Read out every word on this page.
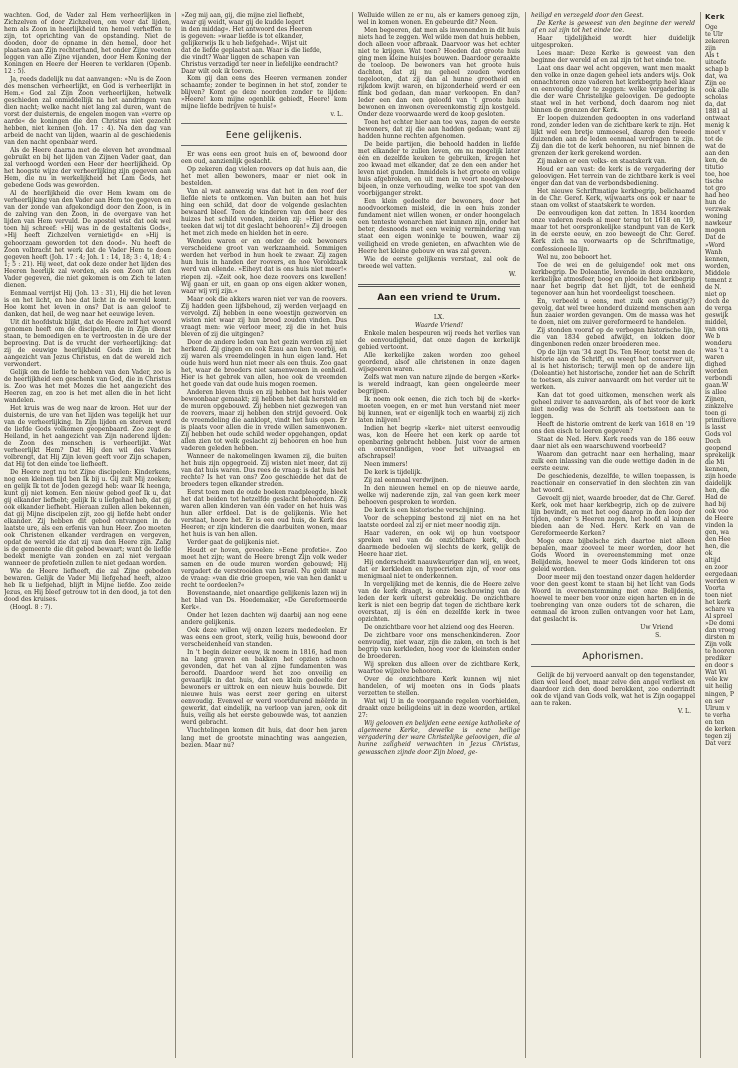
wachten. God, de Vader zal Hem verheerlijken in Zichzelven of door Zichzelven, om voor dat lijden, hem als Zoon in heerlijkheid ten hemel verheffen te zijn, tot oprichting van de opstanding. Niet de dooden, door de opname in den hemel, door het plaatsen aan Zijn rechterhand, het onder Zijne voeten leggen van alle Zijne vijanden, door Hem Koning der Koningen en Heere der Heeren te verklaren (Openb. 12 : 5).

Ja, reeds dadelijk nu dat aanvangen: »Nu is de Zoon des menschen verheerlijkt, en God is verheerlijkt in Hem.« God zal Zijn Zoon verheerlijken, hetwelk geschieden zal onmiddellijk na het aandringen van dien nacht; welke nacht niet lang zal duren, want de vorst der duisternis, de engelen mogen van »verre op aarde« de koningen die den Christus niet gezocht hebben, niet kennen (Joh. 17 : 4). Na den dag van arbeid de nacht van lijden, waarin al de geschiedenis van den nacht openbaar werd.

Als de Heere daarna met de eleven het avondmaal gebruikt en bij het lijden van Zijnen Vader gaat, dan zal verhoogd worden een Heer der heerlijkheid. Op het hoogste wijze der verheerlijking zijn gegeven aan Hem, die nu in werkelijkheid het Lam Gods, het gebedene Gods was geworden.

Al de heerlijkheid die over Hem kwam om de verheerlijking van den Vader aan Hem toe gegeven en van der zonde van afgekondigd door den Zoon, is in de zalving van den Zoon, in de overgave van het lijden van Hem vervuld. De apostel wist dat ook wel toen hij schreef: »Hij was in de gestaltenis Gods«, »Hij heeft Zichzelven vernietigd« en »Hij is gehoorzaam geworden tot den dood«. Nu heeft de Zoon volbracht het werk dat de Vader Hem te doen gegeven heeft (Joh. 17 : 4; Joh. 1 : 14, 18; 3 : 4, 18; 4 : 1; 5 : 21). Hij weet, dat ook deze onder het lijden des Heeren heerlijk zal worden, als een Zoon uit den Vader gegeven, die niet gekomen is om Zich te laten dienen.

Eenmaal verrijst Hij (Joh. 13 : 31), Hij die het leven is en het licht, en hoe dat licht in de wereld komt. Hoe komt het leven in ons? Dat is aan geloof te danken, dat heil, de weg naar het eeuwige leven.

Uit dit hoofdstuk blijkt, dat de Heere zelf het woord genomen heeft om de discipelen, die in Zijn dienst staan, te bemoedigen en te vertroosten in de ure der beproeving. Dat is de vrucht der verheerlijking: dat zij de eeuwige heerlijkheid Gods zien in het aangezicht van Jezus Christus, en dat de wereld zich verwondert.

Gelijk om de liefde te hebben van den Vader, zoo is de heerlijkheid een geschenk van God, die in Christus is. Zoo was het met Mozes die het aangezicht des Heeren zag, en zoo is het met allen die in het licht wandelen.

Het kruis was de weg naar de kroon. Het uur der duisternis, de ure van het lijden was tegelijk het uur van de verheerlijking. In Zijn lijden en sterven werd de liefde Gods volkomen geopenbaard. Zoo zegt de Heiland, in het aangezicht van Zijn naderend lijden: de Zoon des menschen is verheerlijkt. Wat verheerlijkt Hem? Dat Hij den wil des Vaders volbrengt, dat Hij Zijn leven geeft voor Zijn schapen, dat Hij tot den einde toe liefheeft.

De Heere zegt nu tot Zijne discipelen: Kinderkens, nog een kleinen tijd ben Ik bij u. Gij zult Mij zoeken; en gelijk Ik tot de Joden gezegd heb: waar Ik heenga, kunt gij niet komen. Een nieuw gebod geef Ik u, dat gij elkander liefhebt; gelijk Ik u liefgehad heb, dat gij ook elkander liefhebt. Hieraan zullen allen bekennen, dat gij Mijne discipelen zijt, zoo gij liefde hebt onder elkander. Zij hebben dit gebod ontvangen in de laatste ure, als een erfenis van hun Heer. Zoo moeten ook Christenen elkander verdragen en vergeven, opdat de wereld zie dat zij van den Heere zijn. Zalig is de gemeente die dit gebod bewaart; want de liefde bedekt menigte van zonden en zal niet vergaan wanneer de profetieën zullen te niet gedaan worden.

Wie de Heere liefheeft, die zal Zijne geboden bewaren. Gelijk de Vader Mij liefgehad heeft, alzoo heb Ik u liefgehad, blijft in Mijne liefde. Zoo zeide Jezus, en Hij bleef getrouw tot in den dood, ja tot den dood des kruises.

(Hoogl. 8 : 7).

»Zeg mij aan, gij, die mijne ziel liefhebt,
waar gij weidt, waar gij de kudde legert
in den middag«. Het antwoord des Heeren
is gegeven: »waar liefde is tot elkander,
gelijkerwijs Ik u heb liefgehad«. Wijst uit
dat de liefde geplaatst aan. Waar is die liefde,
die vindt? Waar liggen de schapen van
Christus verzadigd ter neer in liefelijke eendracht?
Daar wilt ook ik toeven.

Kom gij dan eens des Heeren vermanen zonder schaamte; zonder te beginnen in het stof, zonder te blijven? Komt ge deze noorden zonder te lijden: »Heere! kom mijne ogenblik gebiedt, Heere! kom mijne liefde bedrijven te huis!«

v. L.

Eene gelijkenis.

Er was eens een groot huis en of, bewoond door een oud, aanzienlijk geslacht.

Op zekeren dag vielen roovers op dat huis aan, die het met allen bewoners, maar er niet ook in bestelden.

Van al wat aanwezig was dat het in den roof der liefde niets te ontkomen. Van buiten aan het huis hing een schild, dat door de volgende geslachten bewaard bleef. Toen de kinderen van den heer des huizes het schild vonden, zeiden zij: »Hier is een teeken dat wij tot dit geslacht behooren!« Zij droegen het met zich mede en hielden het in eere.

Wendeu waren er en onder de ook bewoners verscheidene groot van werkzaamheid. Sommigen werden het verbod in hun hoek te zwaar. Zij zagen hun huis in handen der roovers, en hoe Voroldzaak werd van ellende. »Eiheyt dat is ons huis niet meer!« riepen zij. »Zeit ook, hoe deze roovers ons kwellen! Wij gaan er uit, en gaan op ons eigen akker wonen, waar wij vrij zijn.«

Maar ook die akkers waren niet ver van de roovers. Zij hadden geen lijfsbehoud, zij werden verjaagd en vervolgd. Zij hebben in eene woestijn gezworven en wisten niet waar zij hun brood zouden vinden. Dus vraagt men: wie verloor meer, zij die in het huis bleven of zij die uitgingen?

Door de andere leden van het gezin werden zij niet herkend. Zij gingen en ook Ezau aan hen voorbij, en zij waren als vreemdelingen in hun eigen land. Het oude huis werd hun niet meer als een thuis. Zoo gaat het, waar de broeders niet samenwonen in eenheid. Hier is het gebrek van allen, hoe ook de vreemden het goede van dat oude huis mogen roemen.

Anderen bleven thuis en zij hebben het huis weder bewoonbaar gemaakt; zij hebben het dak hersteld en de muren opgebouwd. Zij hebben niet gezwegen van de roovers, maar zij hebben den strijd gevoerd. Ook de vreemdeling die aanklopt, vindt het huis open. Er is plaats voor allen die in vrede willen samenwonen. Zij hebben het oude schild weder opgehangen, opdat allen zien tot welk geslacht zij behooren en hoe hun vaderen geleden hebben.

Wanneer de nakomelingen kwamen zij, die buiten het huis zijn opgegroeid. Zij wisten niet meer, dat zij van dat huis waren. Dus rees de vraag: is dat huis het rechte? Is het van ons? Zoo geschiedde het dat de broeders tegen elkander streden.

Eerst toen men de oude boeken raadpleegde, bleek het dat beiden tot hetzelfde geslacht behoorden. Zij waren allen kinderen van één vader en het huis was hun aller erfdeel. Dat is de gelijkenis. Wie het verstaat, hoore het. Er is een oud huis, de Kerk des Heeren; er zijn kinderen die daarbuiten wonen, maar het huis is van hen allen.

Verder gaat de gelijkenis niet.

Houdt er hoven, gevoelen: »Eene profetie«. Zoo moet het zijn; want de Heere brengt Zijn volk weder samen en de oude muren worden gebouwd; Hij vergadert de verstrooiden van Israël. Nu geldt maar de vraag: »van die drie groepen, wie van hen dankt u recht te oordeelen?«

Bovenstaande, niet onaardige gelijkenis lazen wij in het blad van Ds. Hoedemaker, »De Gereformeerde Kerk«.

Onder het lezen dachten wij daarbij aan nog eene andere gelijkenis.

Ook deze willen wij onzen lezers mededeelen. Er was eens een groot, sterk, veilig huis, bewoond door verscheidenheid van standen.

In 't begin deizer eeuw, ik noem in 1816, had men na lang graven en bakken het opzien schoon gevonden, dat het van al zijne fundamenten was beroofd. Daardoor werd het zoo onveilig en gevaarlijk in dat huis, dat een klein gedeelte der bewoners er uittrok en een nieuw huis bouwde. Dit nieuwe huis was eerst zeer gering en uiterst eenvoudig. Evenwel er werd voortdurend mêêrde in gewerkt, dat eindelijk, na verloop van jaren, ook dit huis, veilig als het eerste gebouwde was, tot aanzien werd gebracht.

Vluchtelingen komen dit huis, dat door hen jaren lang met de grootste minachting was aangezien, bezien. Maar nu?

Welluide willen ze er nu, als er kamers genoeg zijn, wel in komen wonen. En gebeurde dit? Neen.

Men begeeren, dat men als inwonenden in dit huis niets had te zeggen. Wel wilde men dat huis hebben, doch alleen voor afbraak. Daarvoor was het echter niet te krijgen. Wat toen? Hoeden dat groote huis ging men kleine huisjes bouwen. Daardoor geraakte de toeloop. De bewoners van het groote huis dachten, dat zij nu geheel zouden worden tegelooten, dat zij dan al hunne grootheid en rijkdom kwijt waren, en bijzonderheid werd er een flink bod gedaan, dan maar verkoopen. En dan? Ieder een dan een geloofd van 't groote huis bewonen en inwonen overeenkomstig zijn kostgeld. Onder deze voorwaarde werd de koop gesloten.

Toen het echter hier aan toe was, zagen de eerste bewoners, dat zij die aan hadden gedaan; want zij hadden hunne rechten afgenomen.

De beide partijen, die behoold hadden in liefde met elkander te zullen leven, om nu mogelijk later één en dezelfde keuken te gebruiken, kregen het zoo kwaad met elkander, dat ze den een ander het leven niet gunden. Inmiddels is het groote en volige huis afgebroken, en uit men in voort noodgebouw bijeen, in onze verhouding, welke toe spot van den voorbijganger strekt.

Een klein gedeelte der bewoners, door het noodvoorkomen misleid, die in een huis zonder fundament niet willen wonen, er onder hoongelach een tenteste wonarchen niet kunnen zijn, onder het beter, desnoods met een weinig vermindering van staat een eigen woninkje te bouwen, waar zij veiligheid en vrede genieten, en afwachten wie de Heere het kleine gebouw en was zal geven.

Wie de eerste gelijkenis verstaat, zal ook de tweede wel vatten.

W.

Aan een vriend te Urum.

LX.

Waarde Vriend!

Enkele malen bespeuren wij reeds het verlies van de eenvoudigheid, dat onze dagen de kerkelijk gebied vertoont.

Alle kerkelijke zaken worden zoo geheel geordend, alsof alle christenen in onze dagen wijsgeeren waren.

Zelfs wat men van nature zijnde de bergen »Kerk« is wereld indraagt, kan geen ongeleerde meer begrijpen.

Ik noem ook eenen, die zich toch bij de »kerk« moeten voegen, en er met hun verstand niet meer bij kunnen, wat er eigenlijk toch en waarbij zij zich laten inlijven!

Indien het begrip »kerk« niet uiterst eenvoudig was, kon de Heere het een kerk op aarde tot openbaring gebracht hebben. Juist voor de armen en onverstandigen, voor het uitvaagsel en afschrapsel!

Neen immers!

De kerk is tijdelijk.

Zij zal eenmaal verdwijnen.

In den nieuwen hemel en op de nieuwe aarde, welke wij naderende zijn, zal van geen kerk meer behoeven gesproken te worden.

De kerk is een historische verschijning.

Voor de schepping bestond zij niet en na het laatste oordeel zal zij er niet meer noodig zijn.

Haar vaderen, en ook wij op hun voetspoor spreken wel van de onzichtbare kerk, doch daarmede bedoelen wij slechts de kerk, gelijk de Heere haar ziet.

Hij onderscheidt naauwkeuriger dan wij, en weet, dat er kerkleden en hypocrieten zijn, of voor ons menigmaal niet te onderkennen.

In vergelijking met de kennis, die de Heere zelve van de kerk draagt, is onze beschouwing van de leden der kerk uiterst gebrekkig. De onzichtbare kerk is niet een begrip dat tegen de zichtbare kerk overstaat, zij is één en dezelfde kerk in twee opzichten.

De onzichtbare voor het alziend oog des Heeren.

De zichtbare voor ons menschenkinderen. Zoor eenvoudig, niet waar, zijn die zaken, en toch is het begrip van kerkleden, hoog voor de kleinsten onder de broederen.

Wij spreken dus alleen over de zichtbare Kerk, waartoe wijzelve behooren.

Over de onzichtbare Kerk kunnen wij niet handelen, of wij moeten ons in Gods plaats verzetten te stellen.

Wat wij U in de voorgaande regelen voorhielden, draakt onze beiligdeins uit in deze woorden, artikel 27:

Wij gelooven en belijden eene eenige katholieke of algemeene Kerke, dewelke is eene heilige vergadering der ware Christelijke geloovigen, die al hunne zaligheid verwachten in Jezus Christus, gewasschen zijnde door Zijn bloed, ge-

heiligd en verzegeld door den Geest.

De Kerke is geweest van den beginne der wereld af en zal zijn tot het einde toe.

Haar tijdelijkheid wordt hier duidelijk uitgesproken.

Lees maar: Deze Kerke is geweest van den beginne der wereld af en zal zijn tot het einde toe.

Laat ons daar wel acht opgeven, want men maakt den volke in onze dagen geheel iets anders wijs. Ook onnachteren onze vaderen het kerkbegrip heel klaar en eenvoudig door te zeggen: welke vergadering is die der ware Christelijke geloovigen. De gedoopte staat wel in het verbond, doch daarom nog niet binnen de grenzen der Kerk.

Er loopen duizenden gedoopten in ons vaderland rond, zonder leden van de zichtbare kerk te zijn. Het lijkt wel een bretje ummoesel, daarop den tweede duizenden aan de leden eenmaal verdragen te zijn. Zij dan die tot de kerk behooren, nu niet binnen de grenzen der kerk gerekend worden.

Zij maken er een volks- en staatskerk van.

Houd er aan vast: de kerk is de vergadering der geloovigen. Het terrein van de zichtbare kerk is veel enger dan dat van de verbondsbediening.

Het nieuwe Schriftmatige kerkbegrip, belichaamd in de Chr. Geref. Kerk, wijwaarts ons ook er naar te staan om volkst of staatskerk te worden.

De eenvoudigen kon dat zetten. In 1834 koorden onze vaderen reeds al meer terug tot 1618 en '19, maar tot het oorspronkelijke standpunt van de Kerk in de eerste eeuw, en zoo beweegt de Chr. Geref. Kerk zich na voorwaarts op de Schriftmatige, confessioneele lijn.

Wel nu, zoo beboort het.

Toe de wei en de geluigende! ook met ons kerkbegrip. De Doleantie, levende in deze onzekere, kerkelijke atmosfeer, boog en plooide het kerkbegrip naar het begrip dat het lijdt, tot de eenheid tegenover aan hun het voordeeligst toescheen.

En, verbeeld u eens, met zulk een gunstig(?) gevolg, dat wel twee honderd duizend menschen aan hun zaaier worden gevangen. Om de massa was het te doen, niet om zuiver gereformeerd te handelen.

Zij stonden vooraf op de verbogen historische lijn, die van 1834 gebed afwijkt, en lokken door dingenbonen reden onzer broederen mee.

Op de lijn van '34 zegt Ds. Ten Hoor, toetst men de historie aan de Schrift, en weegt het conserver uit, al is het historisch; terwijl men op de andere lijn (Doleantie) het historische, zonder het aan de Schrift te toetsen, als zuiver aanvaardt om het verder uit te werken.

Kan dat tot goed uitkomen, menschen werk als geheel zuiver te aanvaarden, als of het voor de kerk niet noodig was de Schrift als toetssteen aan te leggen.

Heeft de historie omtrent de kerk van 1618 en '19 ons den eisch te leeren gegeven?

Staat de Ned. Herv. Kerk reeds van de 186 eeuw daar niet als een waarschuwend voorbeeld?

Waarom dan getracht naar een herhaling, maar zulk een inlassing van die oude wettige daden in de eerste eeuw.

De geschiedenis, dezelfde, te willen toepassen, is reactionair en conservatief in den slechten zin van het woord.

Gevoelt gij niet, waarde broeder, dat de Chr. Geref. Kerk, ook met haar kerkbegrip, zich op de zuivere lijn bevindt, en met het oog daarop in den loop der tijden, onder 's Heeren zegen, het hoofd al kunnen bieden aan de Ned. Herv. Kerk en van de Gereformeerde Kerken?

Moge onze bijbelsche zich daartoe niet alleen bepalen, maar zooveel te meer worden, door het Gods Woord in overeenstemming met onze Belijdenis, hoewel te meer Gods kinderen tot ons geleid worden.

Door meer mij den toestand onzer dagen helderder voor den geest komt te staan bij het licht van Gods Woord in overeenstemming met onze Belijdenis, hoewel te meer ben voor onze eigen harten en in de toebrenging van onze ouders tot de scharen, die eenmaal de kroon zullen ontvangen voor het Lam, dat geslacht is.

Uw Vriend

S.

Aphorismen.

Gelijk de bij vervoerd aanvalt op den tegenstander, dien wel leed doet, maar zelve den angel verliest en daardoor zich den dood berokkent, zoo onderrindt ook de vijand van Gods volk, wat het is Zijn oogappel aan te raken.

V. L.

Kerk
Oge
te Ulr
zekeren
zijn
Als t
uitoefe
schap b
dat, wa
Zijn ee
ook alle
scholas
da, dat
1881 al
ontwaat
menig k
moet v
tot de
wat de
aan den
ken, de
titutio
toe, hoe
tische
tot gro
had heo
hun de
verzwak
woning
nawkeur
mogen
Dat de
»Word
Wanh
kennen,
worden,
Middele
tement z
de N.
niet op
doch de
de verga
geswijk
middel,
van ons
We b
wonderu
was 't a
waren
dighed
worden
verbondi
gaan.W
is allee
Zijnen,
zinkzelve
toen gi
primitieve
is lasst
Gods vol
Doch
geopend
sprekelijk
die Mi
kennen,
zijn hoede
daidelijk
hen, die
Had de
had bij
ook voo
de Heere
vinden la
gen, wa
den Hee
hen, die
ok
altijd
en zoor
eergedaan
werden w
Voorta
toen niet
het kerk
schare va
Al spreel
»De domi
dan vroeg
dirsten m
Zijn volk
te hooren
prediker
en door s
Wat Wi
vele kw
uit heilig
ningen, P
en ser
Ulrum v
te verha
en ten
de kerken
tegen zij
Dat verz
